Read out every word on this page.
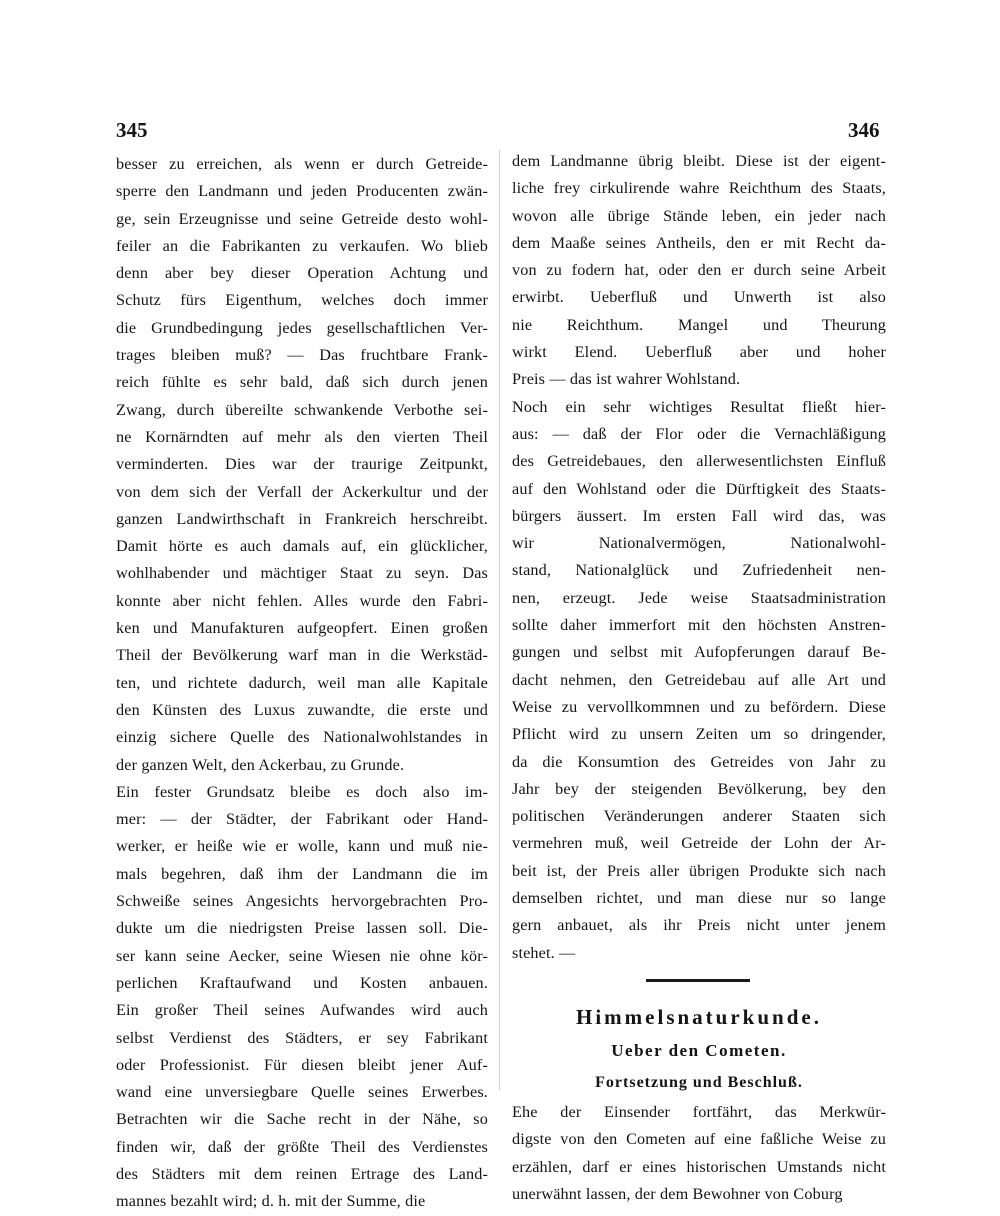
345	346
besser zu erreichen, als wenn er durch Getreide-
sperre den Landmann und jeden Producenten zwän-
ge, sein Erzeugnisse und seine Getreide desto wohl-
feiler an die Fabrikanten zu verkaufen. Wo blieb
denn aber bey dieser Operation Achtung und
Schutz fürs Eigenthum, welches doch immer
die Grundbedingung jedes gesellschaftlichen Ver-
trages bleiben muß? — Das fruchtbare Frank-
reich fühlte es sehr bald, daß sich durch jenen
Zwang, durch übereilte schwankende Verbothe sei-
ne Kornärndten auf mehr als den vierten Theil
verminderten. Dies war der traurige Zeitpunkt,
von dem sich der Verfall der Ackerkultur und der
ganzen Landwirthschaft in Frankreich herschreibt.
Damit hörte es auch damals auf, ein glücklicher,
wohlhabender und mächtiger Staat zu seyn. Das
konnte aber nicht fehlen. Alles wurde den Fabri-
ken und Manufakturen aufgeopfert. Einen großen
Theil der Bevölkerung warf man in die Werkstäd-
ten, und richtete dadurch, weil man alle Kapitale
den Künsten des Luxus zuwandte, die erste und
einzig sichere Quelle des Nationalwohlstandes in
der ganzen Welt, den Ackerbau, zu Grunde.
Ein fester Grundsatz bleibe es doch also im-
mer: — der Städter, der Fabrikant oder Hand-
werker, er heiße wie er wolle, kann und muß nie-
mals begehren, daß ihm der Landmann die im
Schweiße seines Angesichts hervorgebrachten Pro-
dukte um die niedrigsten Preise lassen soll. Die-
ser kann seine Aecker, seine Wiesen nie ohne kör-
perlichen Kraftaufwand und Kosten anbauen.
Ein großer Theil seines Aufwandes wird auch
selbst Verdienst des Städters, er sey Fabrikant
oder Professionist. Für diesen bleibt jener Auf-
wand eine unversiegbare Quelle seines Erwerbes.
Betrachten wir die Sache recht in der Nähe, so
finden wir, daß der größte Theil des Verdienstes
des Städters mit dem reinen Ertrage des Land-
mannes bezahlt wird; d. h. mit der Summe, die
dem Landmanne übrig bleibt. Diese ist der eigent-
liche frey cirkulirende wahre Reichthum des Staats,
wovon alle übrige Stände leben, ein jeder nach
dem Maaße seines Antheils, den er mit Recht da-
von zu fodern hat, oder den er durch seine Arbeit
erwirbt. Ueberfluß und Unwerth ist also
nie Reichthum. Mangel und Theurung
wirkt Elend. Ueberfluß aber und hoher
Preis — das ist wahrer Wohlstand.
Noch ein sehr wichtiges Resultat fließt hier-
aus: — daß der Flor oder die Vernachläßigung
des Getreidebaues, den allerwesentlichsten Einfluß
auf den Wohlstand oder die Dürftigkeit des Staats-
bürgers äussert. Im ersten Fall wird das, was
wir Nationalvermögen, Nationalwohl-
stand, Nationalglück und Zufriedenheit nen-
nen, erzeugt. Jede weise Staatsadministration
sollte daher immerfort mit den höchsten Anstren-
gungen und selbst mit Aufopferungen darauf Be-
dacht nehmen, den Getreidebau auf alle Art und
Weise zu vervollkommnen und zu befördern. Diese
Pflicht wird zu unsern Zeiten um so dringender,
da die Konsumtion des Getreides von Jahr zu
Jahr bey der steigenden Bevölkerung, bey den
politischen Veränderungen anderer Staaten sich
vermehren muß, weil Getreide der Lohn der Ar-
beit ist, der Preis aller übrigen Produkte sich nach
demselben richtet, und man diese nur so lange
gern anbauet, als ihr Preis nicht unter jenem
stehet. —
Himmelsnaturkunde.
Ueber den Cometen.
Fortsetzung und Beschluß.
Ehe der Einsender fortfährt, das Merkwür-
digste von den Cometen auf eine faßliche Weise zu
erzählen, darf er eines historischen Umstands nicht
unerwähnt lassen, der dem Bewohner von Coburg
